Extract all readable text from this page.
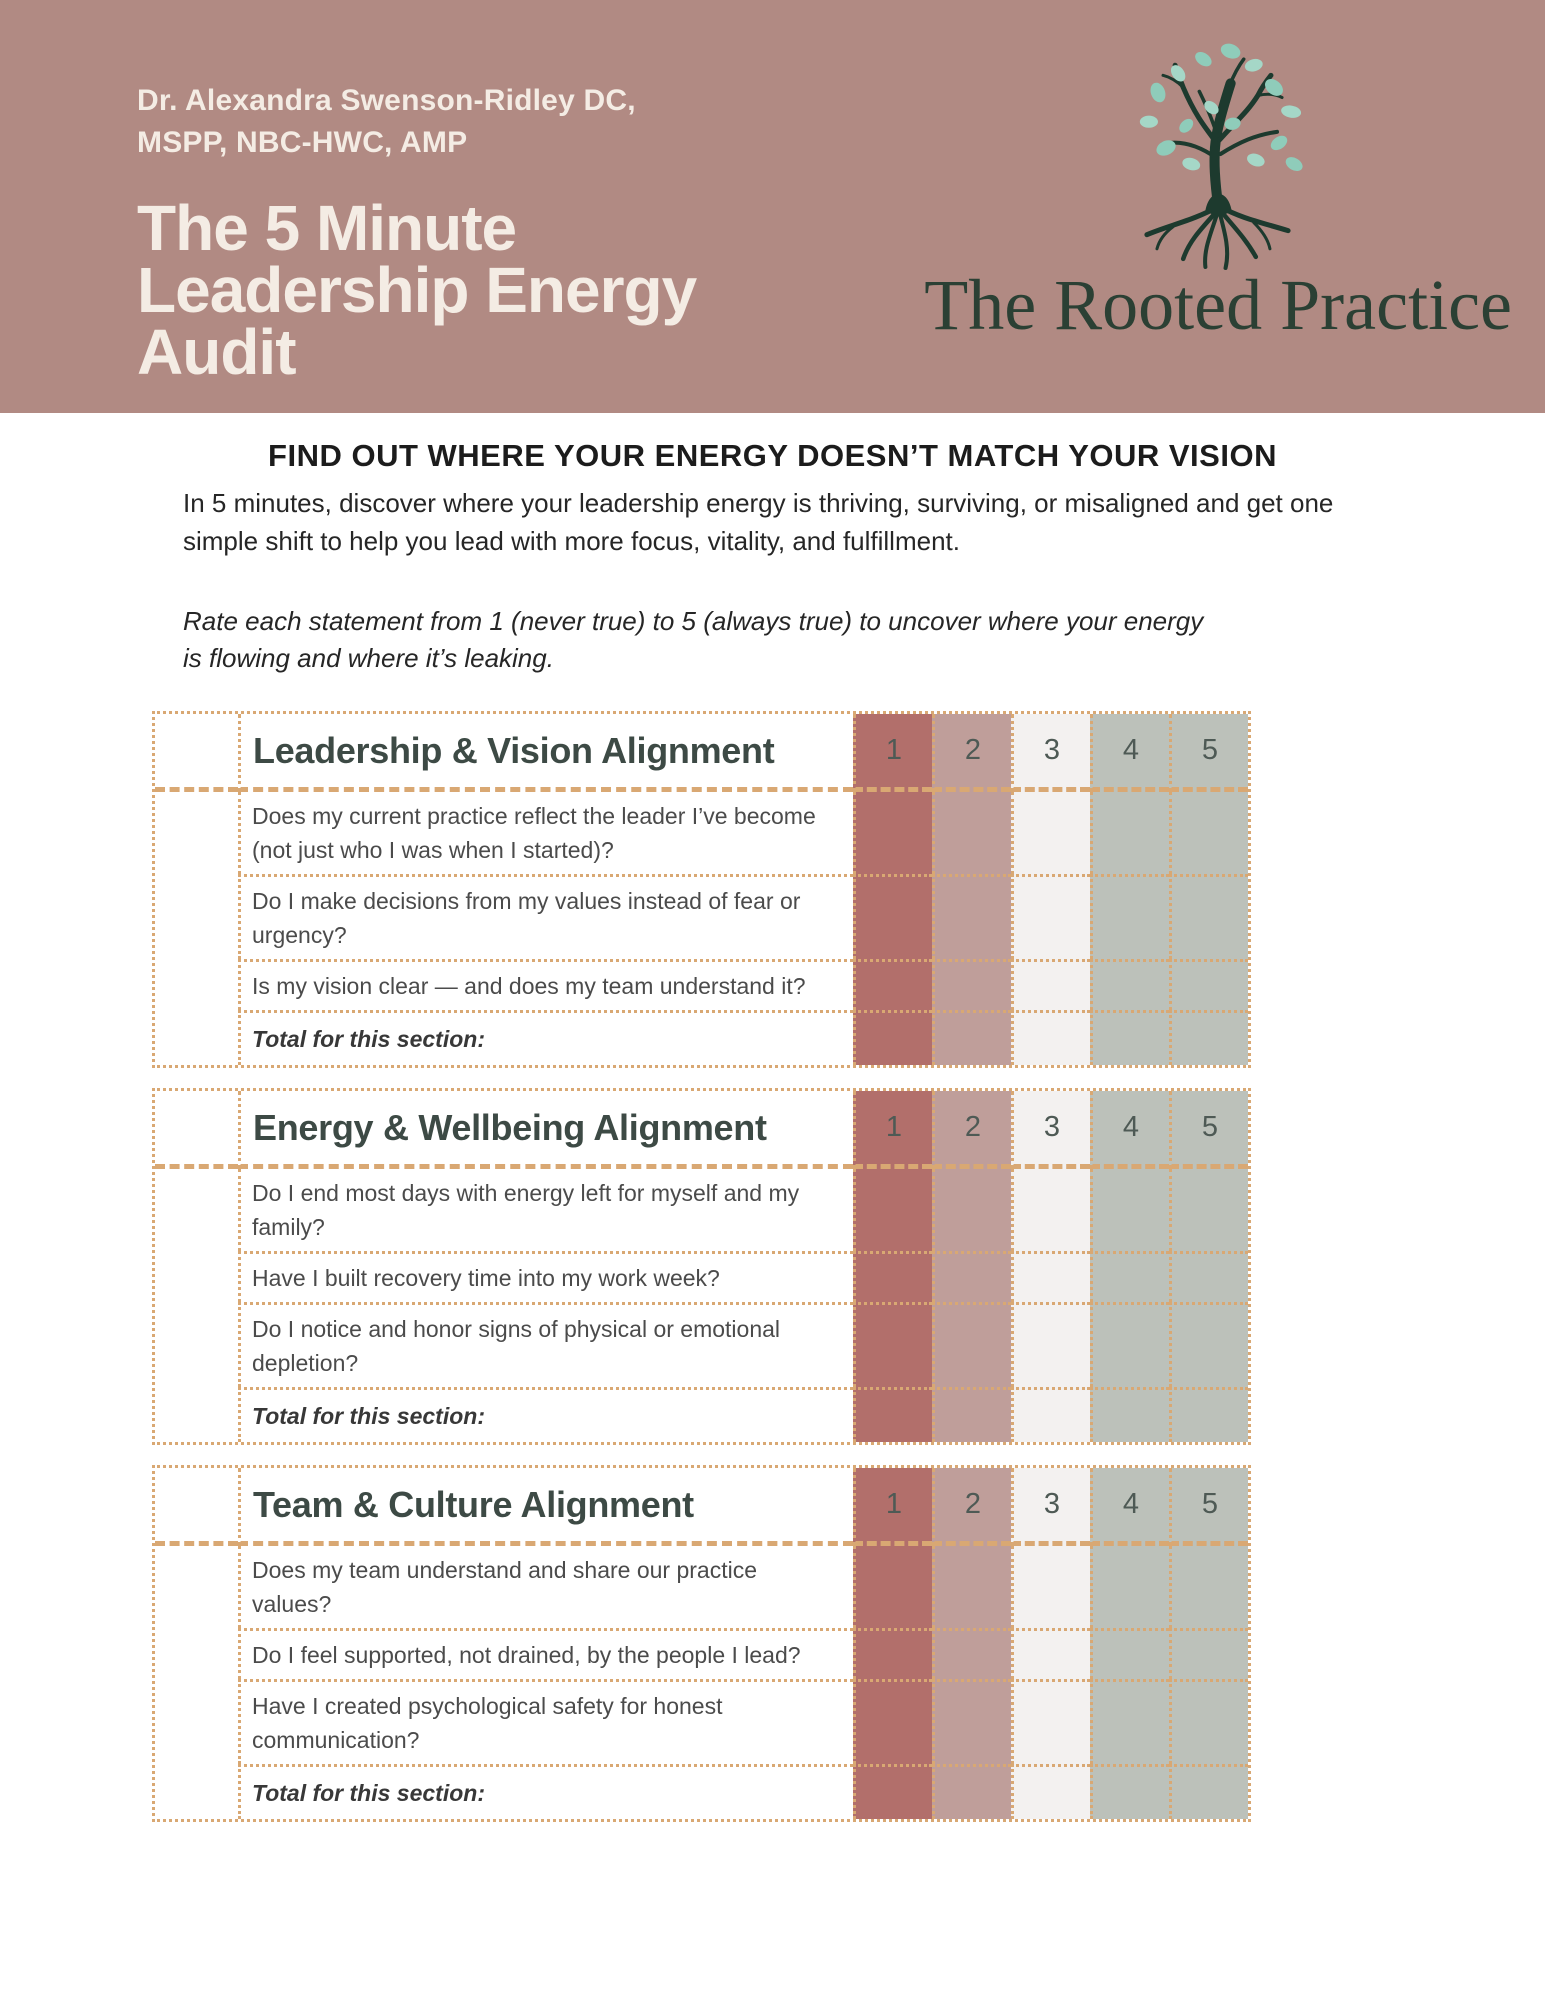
Dr. Alexandra Swenson-Ridley DC,
MSPP, NBC-HWC, AMP
The 5 Minute
Leadership Energy
Audit
The Rooted Practice
FIND OUT WHERE YOUR ENERGY DOESN’T MATCH YOUR VISION

In 5 minutes, discover where your leadership energy is thriving, surviving, or misaligned and get one simple shift to help you lead with more focus, vitality, and fulfillment.

Rate each statement from 1 (never true) to 5 (always true) to uncover where your energy is flowing and where it’s leaking.

Leadership & Vision Alignment	1	2	3	4	5
Does my current practice reflect the leader I’ve become (not just who I was when I started)?
Do I make decisions from my values instead of fear or urgency?
Is my vision clear — and does my team understand it?
Total for this section:
Energy & Wellbeing Alignment	1	2	3	4	5
Do I end most days with energy left for myself and my family?
Have I built recovery time into my work week?
Do I notice and honor signs of physical or emotional depletion?
Total for this section:
Team & Culture Alignment	1	2	3	4	5
Does my team understand and share our practice values?
Do I feel supported, not drained, by the people I lead?
Have I created psychological safety for honest communication?
Total for this section:
